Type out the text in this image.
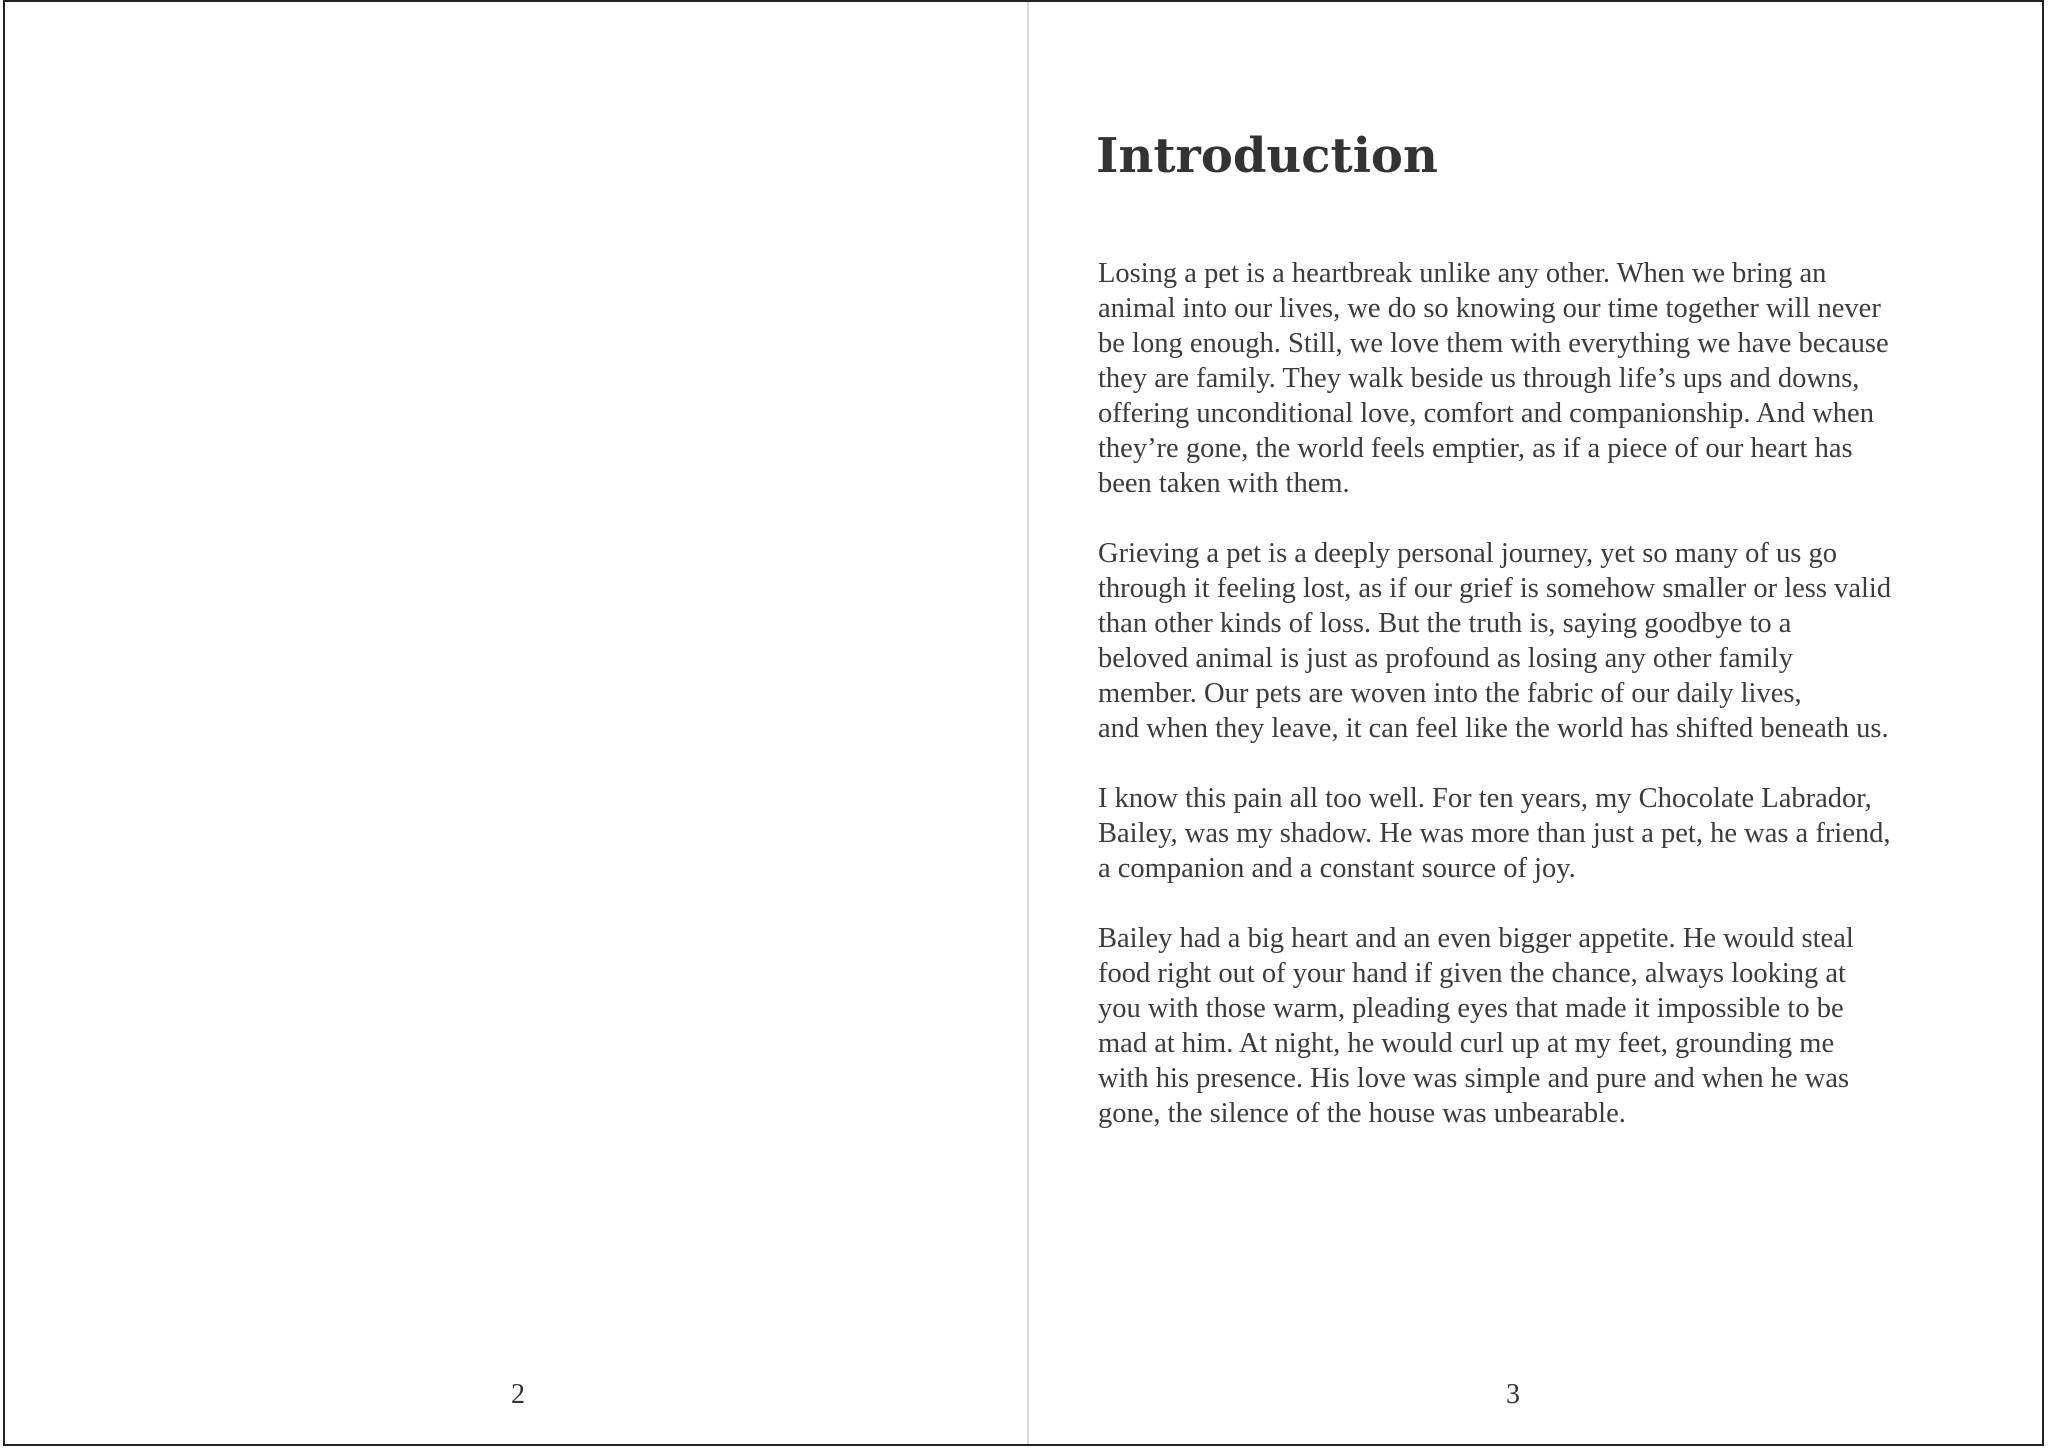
2
Introduction

Losing a pet is a heartbreak unlike any other. When we bring an
animal into our lives, we do so knowing our time together will never
be long enough. Still, we love them with everything we have because
they are family. They walk beside us through life’s ups and downs,
offering unconditional love, comfort and companionship. And when
they’re gone, the world feels emptier, as if a piece of our heart has
been taken with them.

Grieving a pet is a deeply personal journey, yet so many of us go
through it feeling lost, as if our grief is somehow smaller or less valid
than other kinds of loss. But the truth is, saying goodbye to a
beloved animal is just as profound as losing any other family
member. Our pets are woven into the fabric of our daily lives,
and when they leave, it can feel like the world has shifted beneath us.

I know this pain all too well. For ten years, my Chocolate Labrador,
Bailey, was my shadow. He was more than just a pet, he was a friend,
a companion and a constant source of joy.

Bailey had a big heart and an even bigger appetite. He would steal
food right out of your hand if given the chance, always looking at
you with those warm, pleading eyes that made it impossible to be
mad at him. At night, he would curl up at my feet, grounding me
with his presence. His love was simple and pure and when he was
gone, the silence of the house was unbearable.

3
